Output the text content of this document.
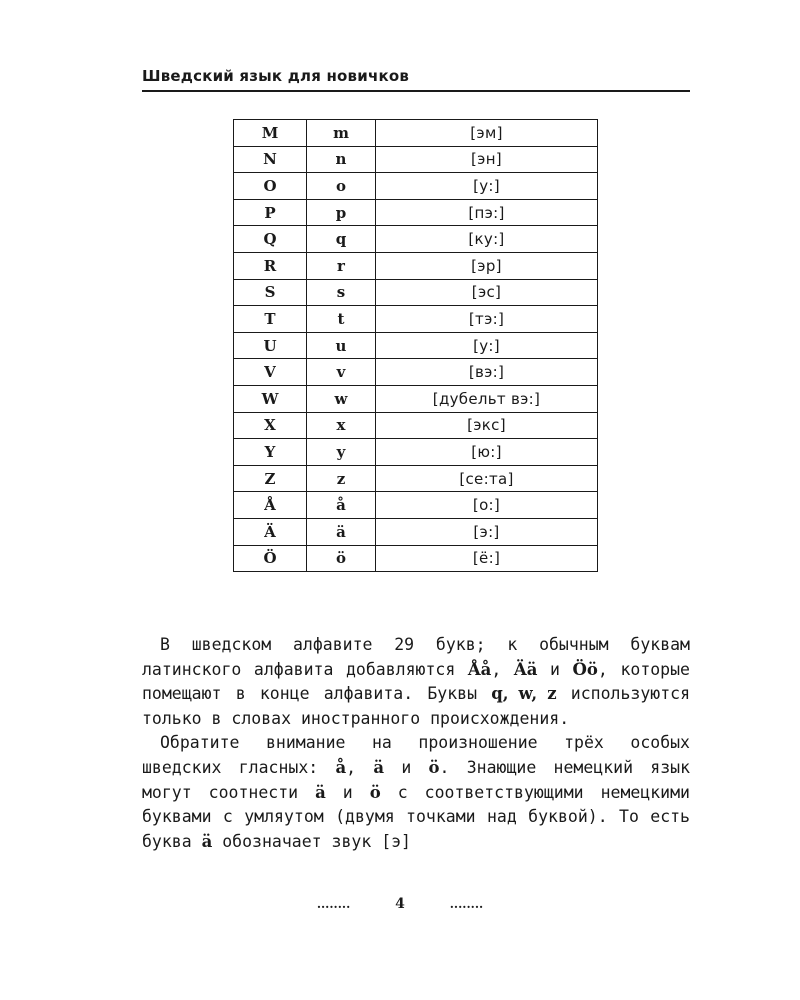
Шведский язык для новичков
M	m	[эм]
N	n	[эн]
O	o	[у:]
P	p	[пэ:]
Q	q	[ку:]
R	r	[эр]
S	s	[эс]
T	t	[тэ:]
U	u	[у:]
V	v	[вэ:]
W	w	[дубельт вэ:]
X	x	[экс]
Y	y	[ю:]
Z	z	[се:та]
Å	å	[о:]
Ä	ä	[э:]
Ö	ö	[ё:]

В шведском алфавите 29 букв; к обычным буквам латинского алфавита добавляются Åå, Ää и Öö, которые помещают в конце алфавита. Буквы q, w, z используются только в словах иностранного происхождения.

Обратите внимание на произношение трёх особых шведских гласных: å, ä и ö. Знающие немецкий язык могут соотнести ä и ö с соответствующими немецкими буквами с умляутом (двумя точками над буквой). То есть буква ä обозначает звук [э]

........	4	........
